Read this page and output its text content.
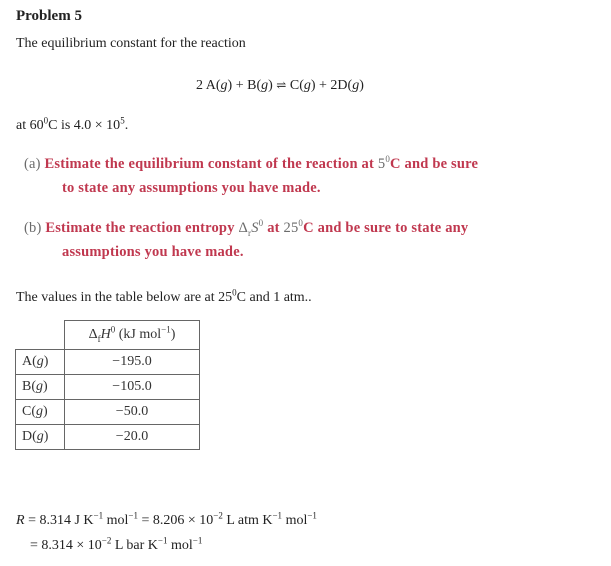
Problem 5
The equilibrium constant for the reaction
2 A(g) + B(g) ⇌ C(g) + 2D(g)
at $60^0C$ is $4.0 \times 10^5$.
(a) Estimate the equilibrium constant of the reaction at $5^0C$ and be sure
to state any assumptions you have made.
(b) Estimate the reaction entropy $\Delta_rS^0$ at $25^0C$ and be sure to state any
assumptions you have made.
The values in the table below are at $25^0C$ and 1 atm..
	$\Delta_fH^0$ (kJ mol$^{-1}$)
A(g)	−195.0
B(g)	−105.0
C(g)	−50.0
D(g)	−20.0
R = 8.314 J $K^{-1}$ $mol^{-1} = 8.206 \times 10^{-2}$ L atm $K^{-1}$ mol$^{-1}$
= $8.314 \times 10^{-2}$ L bar $K^{-1}$ mol$^{-1}$
